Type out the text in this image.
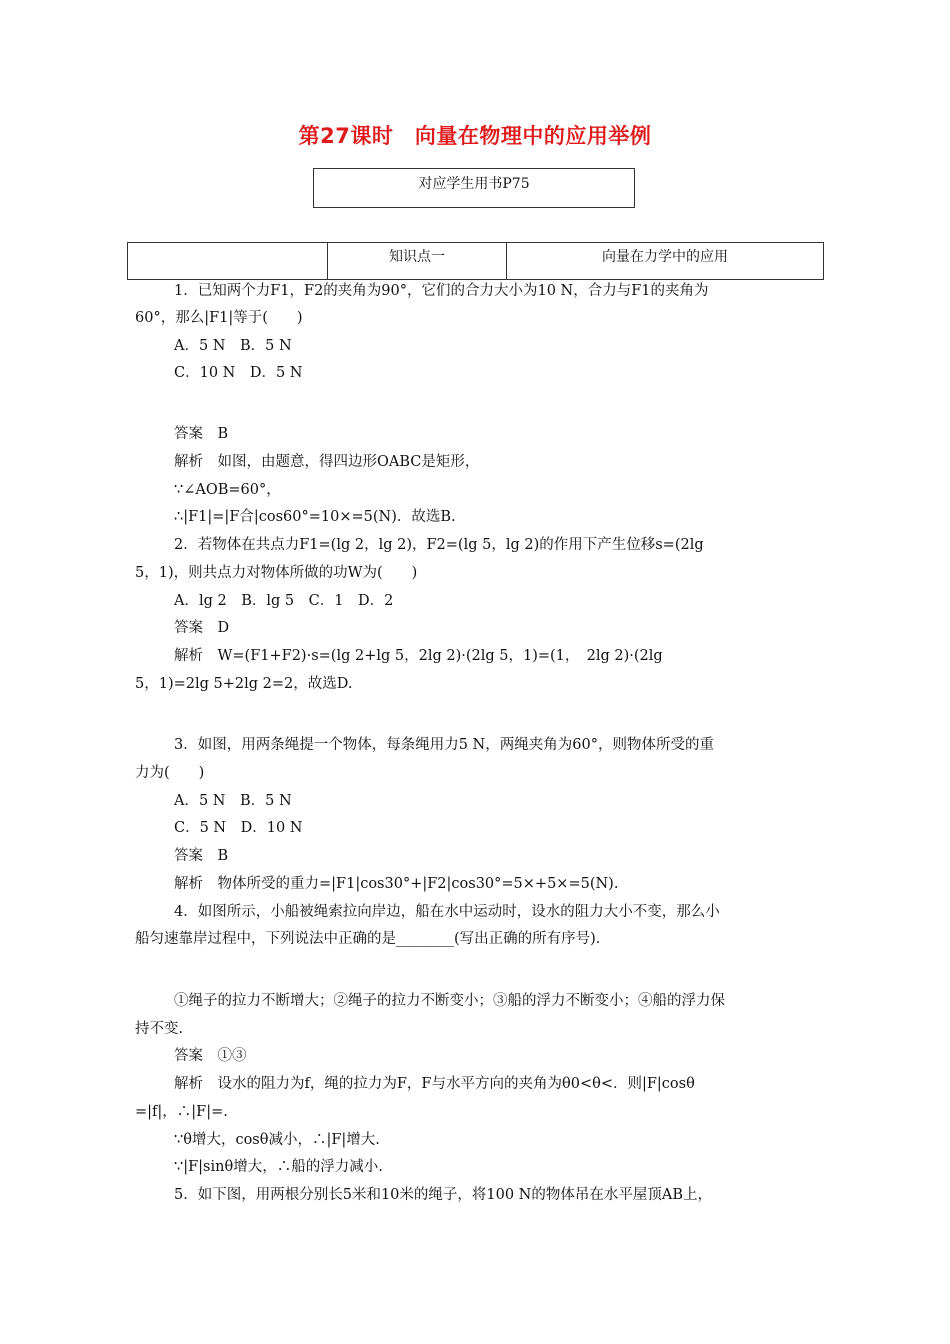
第27课时　向量在物理中的应用举例
对应学生用书P75
知识点一	向量在力学中的应用
1．已知两个力F1，F2的夹角为90°，它们的合力大小为10 N，合力与F1的夹角为
60°，那么|F1|等于(　　)
A．5 N　B．5 N
C．10 N　D．5 N
答案　B
解析　如图，由题意，得四边形OABC是矩形，
∵∠AOB=60°，
∴|F1|=|F合|cos60°=10×=5(N)．故选B.
2．若物体在共点力F1=(lg 2，lg 2)，F2=(lg 5，lg 2)的作用下产生位移s=(2lg
5，1)，则共点力对物体所做的功W为(　　)
A．lg 2　B．lg 5　C．1　D．2
答案　D
解析　W=(F1+F2)·s=(lg 2+lg 5，2lg 2)·(2lg 5，1)=(1，　2lg 2)·(2lg
5，1)=2lg 5+2lg 2=2，故选D.
3．如图，用两条绳提一个物体，每条绳用力5 N，两绳夹角为60°，则物体所受的重
力为(　　)
A．5 N　B．5 N
C．5 N　D．10 N
答案　B
解析　物体所受的重力=|F1|cos30°+|F2|cos30°=5×+5×=5(N).
4．如图所示，小船被绳索拉向岸边，船在水中运动时，设水的阻力大小不变，那么小
船匀速靠岸过程中，下列说法中正确的是________(写出正确的所有序号).
①绳子的拉力不断增大；②绳子的拉力不断变小；③船的浮力不断变小；④船的浮力保
持不变.
答案　①③
解析　设水的阻力为f，绳的拉力为F，F与水平方向的夹角为θ0<θ<．则|F|cosθ
=|f|，∴|F|=.
∵θ增大，cosθ减小，∴|F|增大.
∵|F|sinθ增大，∴船的浮力减小.
5．如下图，用两根分别长5米和10米的绳子，将100 N的物体吊在水平屋顶AB上，
